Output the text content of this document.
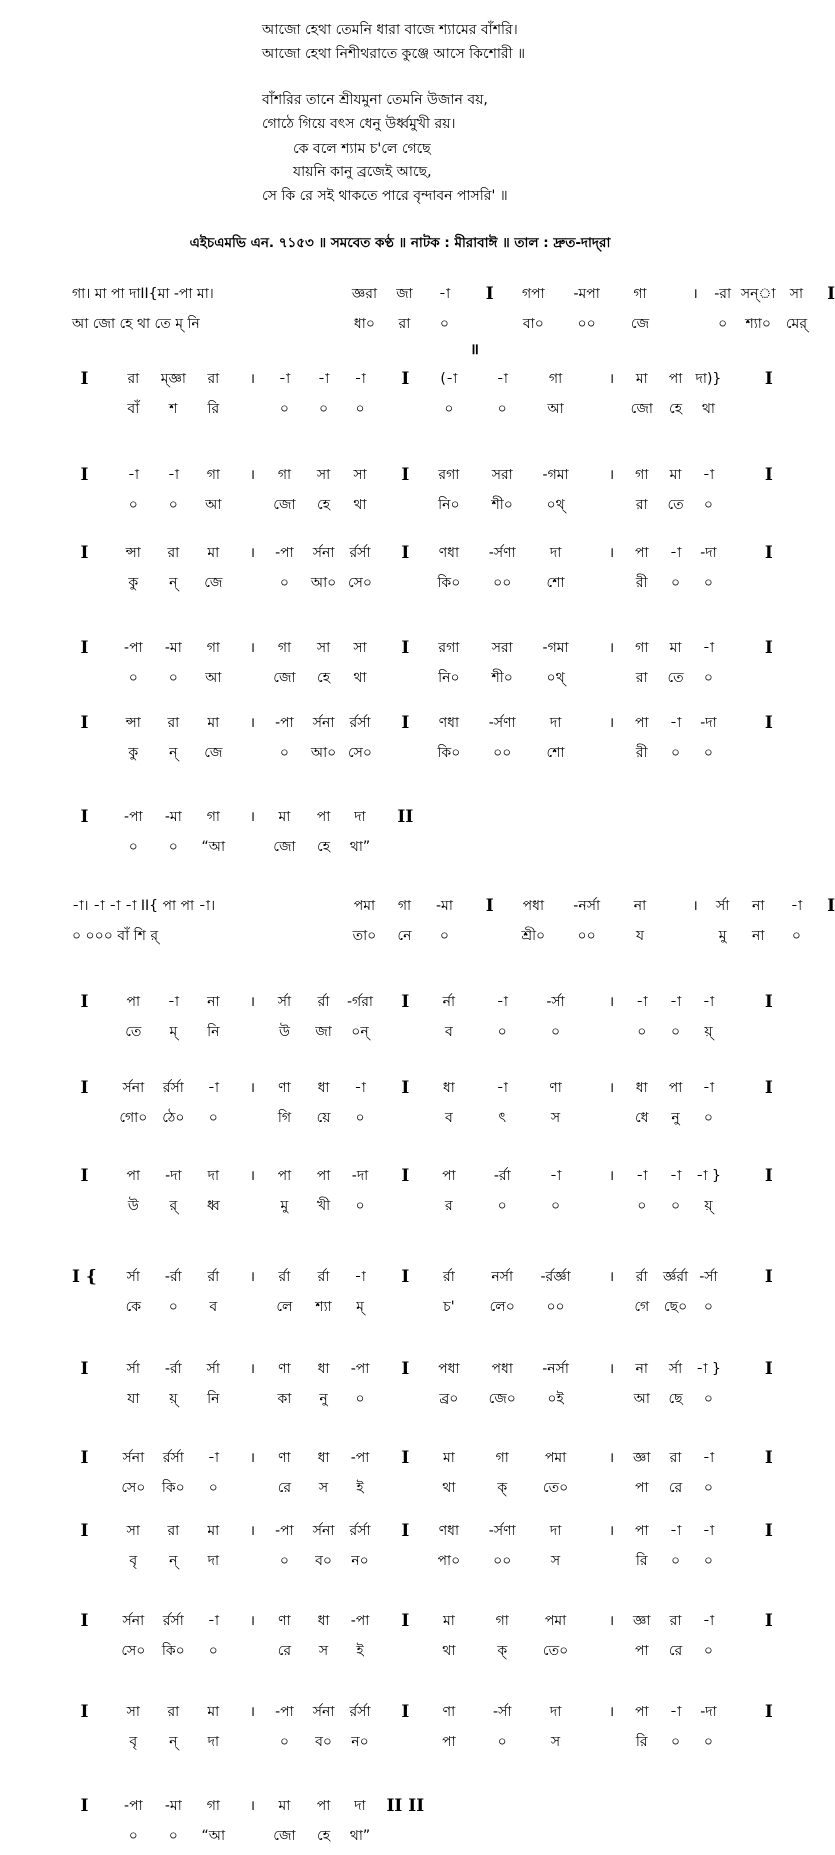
আজো হেথা তেমনি ধারা বাজে শ্যামের বাঁশরি।
আজো হেথা নিশীথরাতে কুঞ্জে আসে কিশোরী ॥
বাঁশরির তানে শ্রীযমুনা তেমনি উজান বয়,
গোঠে গিয়ে বৎস ধেনু উর্ধ্বমুখী রয়।
কে বলে শ্যাম চ'লে গেছে
যায়নি কানু ব্রজেই আছে,
সে কি রে সই থাকতে পারে বৃন্দাবন পাসরি' ॥
এইচএমভি এন. ৭১৫৩ ॥ সমবেত কণ্ঠ ॥ নাটক : মীরাবাঈ ॥ তাল : দ্রুত-দাদ্‌রা
॥
গা। মা পা দাII{মা -পা মা।	জ্ঞরা জা -া I গপা -মপা গা	। -রা সন্‌া সা I
আ জো হে থা তে ম্‌ নি	ধা০ রা ০	বা০ ০০	জে	০ শ্যা০ মের্‌
I	রা ম্জ্ঞা রা । -া -া -া I (-া	-া	গা	। মা পা দা)}	I
বাঁ শ রি	০ ০ ০	০	০	আ	জো হে থা
I	-া -া গা । গা সা সা I রগা সরা -গমা	। গা মা -া	I
০ ০ আ	জো হে থা	নি০ শী০ ০থ্‌	রা তে ০
I	ন্সা রা মা । -পা র্সনা র্রর্সা I ণধা -র্সণা দা	। পা -া -দা	I
কু ন্‌ জে	০ আ০ সে০	কি০ ০০	শো	রী ০ ০
I	-পা -মা গা । গা সা সা I রগা সরা -গমা	। গা মা -া	I
০ ০ আ	জো হে থা	নি০ শী০ ০থ্‌	রা তে ০
I	ন্সা রা মা । -পা র্সনা র্রর্সা I ণধা -র্সণা দা	। পা -া -দা	I
কু ন্‌ জে	০ আ০ সে০	কি০ ০০	শো	রী ০ ০
I	-পা -মা গা । মা পা দা II
০ ০ “আ	জো হে থা”
-া। -া -া -া II{ পা পা -া।	পমা গা -মা I পধা -নর্সা না	। র্সা না -া I
০ ০০০ বাঁ শি র্‌	তা০ নে ০	শ্রী০ ০০	য	মু না ০
I	পা -া না । র্সা র্রা -র্গরা I র্না	-া	-র্সা	। -া -া -া	I
তে ম্‌ নি	উ জা ০ন্‌	ব	০	০	০ ০ য়্‌
I র্সনা র্রর্সা -া । ণা ধা -া I ধা	-া	ণা	। ধা পা -া	I
গো০ ঠে০ ০	গি য়ে ০	ব	ৎ	স	ধে নু ০
I	পা -দা দা । পা পা -দা I পা	-র্রা	-া	। -া -া -া }	I
উ র্‌ ধ্ব	মু খী ০	র	০	০	০ ০ য়্‌
I { র্সা -র্রা র্রা । র্রা র্রা -া I র্রা	নর্সা -র্রর্জ্ঞা	। র্রা র্জ্ঞর্রা -র্সা	I
কে ০ ব	লে শ্যা ম্‌	চ'	লে০ ০০	গে ছে০ ০
I	র্সা -র্রা র্সা । ণা ধা -পা I পধা পধা -নর্সা	। না র্সা -া }	I
যা য়্‌ নি	কা নু ০	ব্র০ জে০ ০ই	আ ছে ০
I র্সনা র্রর্সা -া । ণা ধা -পা I মা	গা	পমা	। জ্ঞা রা -া	I
সে০ কি০ ০	রে স ই	থা	ক্‌	তে০	পা রে ০
I	সা রা মা । -পা র্সনা র্রর্সা I ণধা -র্সণা দা	। পা -া -া	I
বৃ ন্‌ দা	০ ব০ ন০	পা০ ০০	স	রি ০ ০
I র্সনা র্রর্সা -া । ণা ধা -পা I মা	গা	পমা	। জ্ঞা রা -া	I
সে০ কি০ ০	রে স ই	থা	ক্‌	তে০	পা রে ০
I	সা রা মা । -পা র্সনা র্রর্সা I ণা	-র্সা	দা	। পা -া -দা	I
বৃ ন্‌ দা	০ ব০ ন০	পা	০	স	রি ০ ০
I	-পা -মা গা । মা পা দা II II
০ ০ “আ	জো হে থা”
